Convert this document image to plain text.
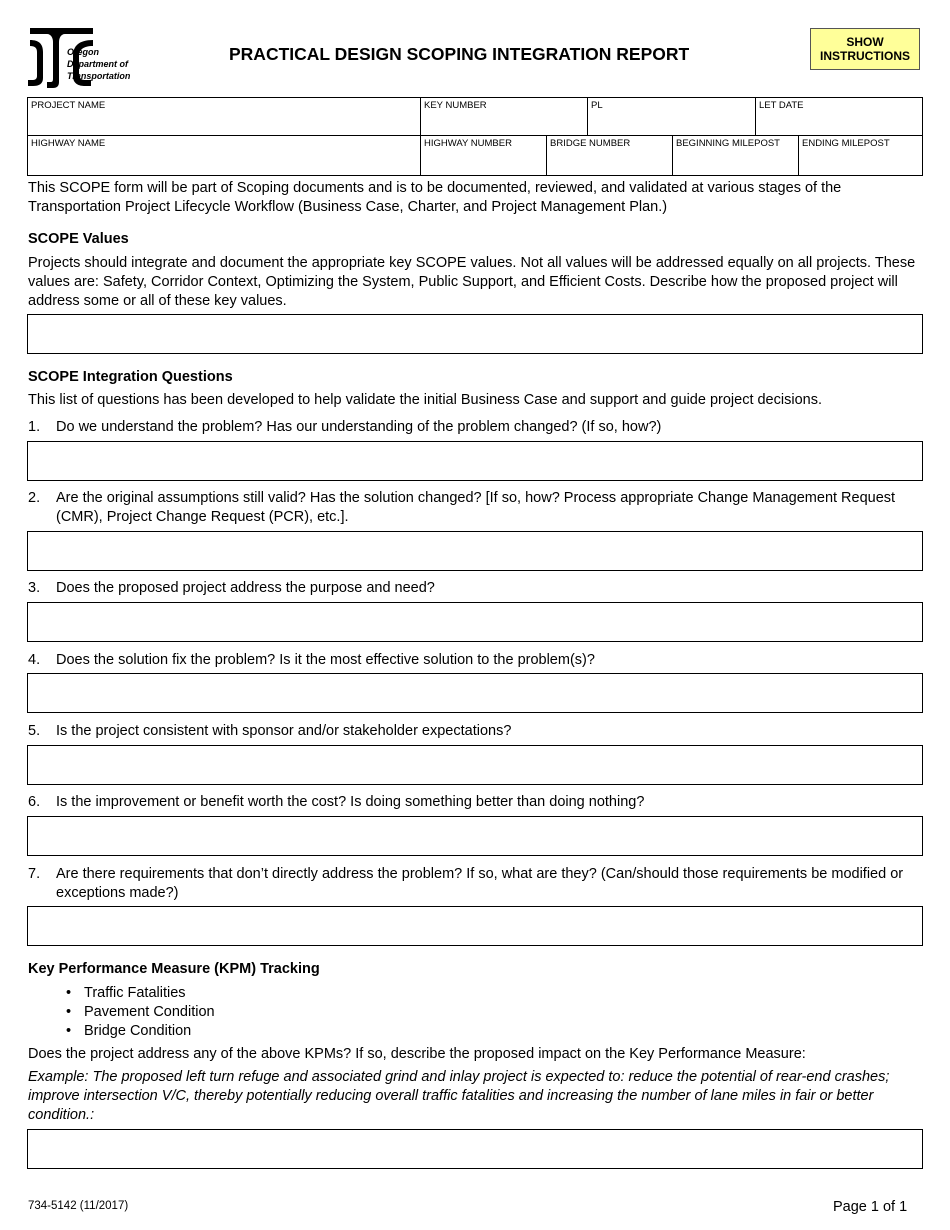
Oregon
Department of
Transportation
PRACTICAL DESIGN SCOPING INTEGRATION REPORT
SHOW
INSTRUCTIONS
PROJECT NAME	KEY NUMBER	PL	LET DATE
HIGHWAY NAME	HIGHWAY NUMBER	BRIDGE NUMBER	BEGINNING MILEPOST	ENDING MILEPOST
This SCOPE form will be part of Scoping documents and is to be documented, reviewed, and validated at various stages of the Transportation Project Lifecycle Workflow (Business Case, Charter, and Project Management Plan.)
SCOPE Values
Projects should integrate and document the appropriate key SCOPE values. Not all values will be addressed equally on all projects. These values are: Safety, Corridor Context, Optimizing the System, Public Support, and Efficient Costs. Describe how the proposed project will address some or all of these key values.
SCOPE Integration Questions
This list of questions has been developed to help validate the initial Business Case and support and guide project decisions.
1.	Do we understand the problem? Has our understanding of the problem changed? (If so, how?)
2.	Are the original assumptions still valid? Has the solution changed? [If so, how? Process appropriate Change Management Request (CMR), Project Change Request (PCR), etc.].
3.	Does the proposed project address the purpose and need?
4.	Does the solution fix the problem? Is it the most effective solution to the problem(s)?
5.	Is the project consistent with sponsor and/or stakeholder expectations?
6.	Is the improvement or benefit worth the cost? Is doing something better than doing nothing?
7.	Are there requirements that don’t directly address the problem? If so, what are they? (Can/should those requirements be modified or exceptions made?)
Key Performance Measure (KPM) Tracking
• Traffic Fatalities
• Pavement Condition
• Bridge Condition
Does the project address any of the above KPMs? If so, describe the proposed impact on the Key Performance Measure:
Example: The proposed left turn refuge and associated grind and inlay project is expected to: reduce the potential of rear-end crashes; improve intersection V/C, thereby potentially reducing overall traffic fatalities and increasing the number of lane miles in fair or better condition.:
734-5142 (11/2017)	Page 1 of 1
